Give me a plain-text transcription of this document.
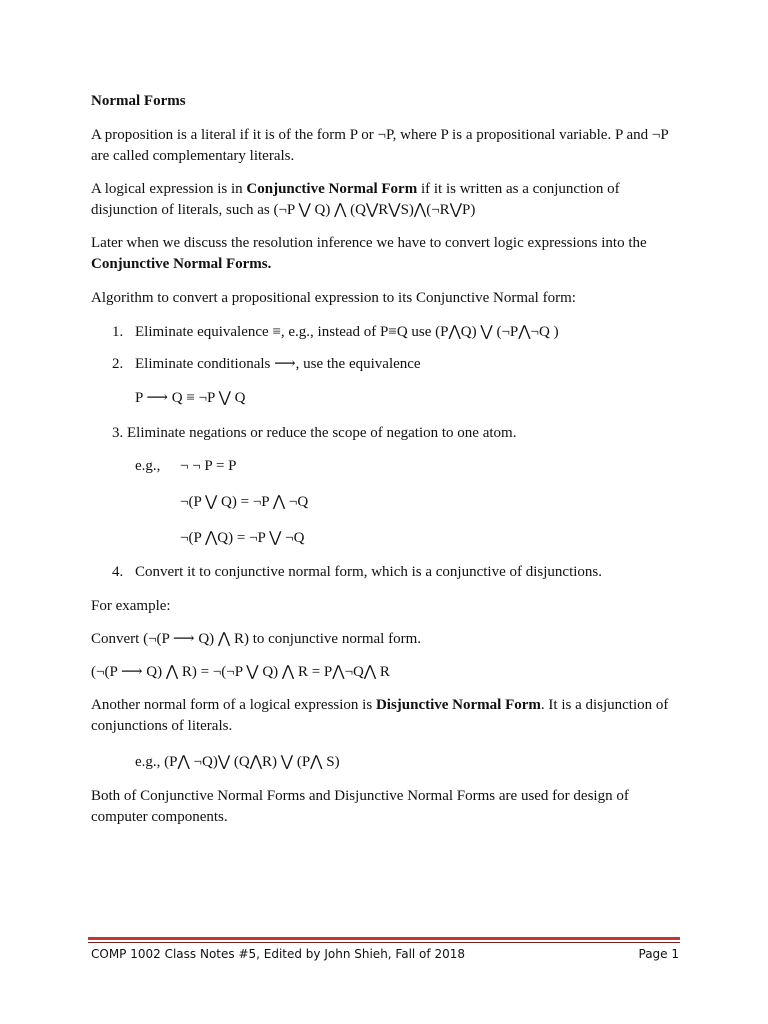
Normal Forms

A proposition is a literal if it is of the form P or ¬P, where P is a propositional variable. P and ¬P are called complementary literals.

A logical expression is in Conjunctive Normal Form if it is written as a conjunction of disjunction of literals, such as (¬P ⋁ Q) ⋀ (Q⋁R⋁S)⋀(¬R⋁P)

Later when we discuss the resolution inference we have to convert logic expressions into the Conjunctive Normal Forms.

Algorithm to convert a propositional expression to its Conjunctive Normal form:

1. Eliminate equivalence ≡, e.g., instead of P≡Q use (P⋀Q) ⋁ (¬P⋀¬Q )

2. Eliminate conditionals ⟶, use the equivalence

P ⟶ Q ≡ ¬P ⋁ Q

3. Eliminate negations or reduce the scope of negation to one atom.

e.g., ¬ ¬ P = P

¬(P ⋁ Q) = ¬P ⋀ ¬Q

¬(P ⋀Q) = ¬P ⋁ ¬Q

4. Convert it to conjunctive normal form, which is a conjunctive of disjunctions.

For example:

Convert (¬(P ⟶ Q) ⋀ R) to conjunctive normal form.

(¬(P ⟶ Q) ⋀ R) = ¬(¬P ⋁ Q) ⋀ R = P⋀¬Q⋀ R

Another normal form of a logical expression is Disjunctive Normal Form. It is a disjunction of conjunctions of literals.

e.g., (P⋀ ¬Q)⋁ (Q⋀R) ⋁ (P⋀ S)

Both of Conjunctive Normal Forms and Disjunctive Normal Forms are used for design of computer components.

COMP 1002 Class Notes #5, Edited by John Shieh, Fall of 2018	Page 1
